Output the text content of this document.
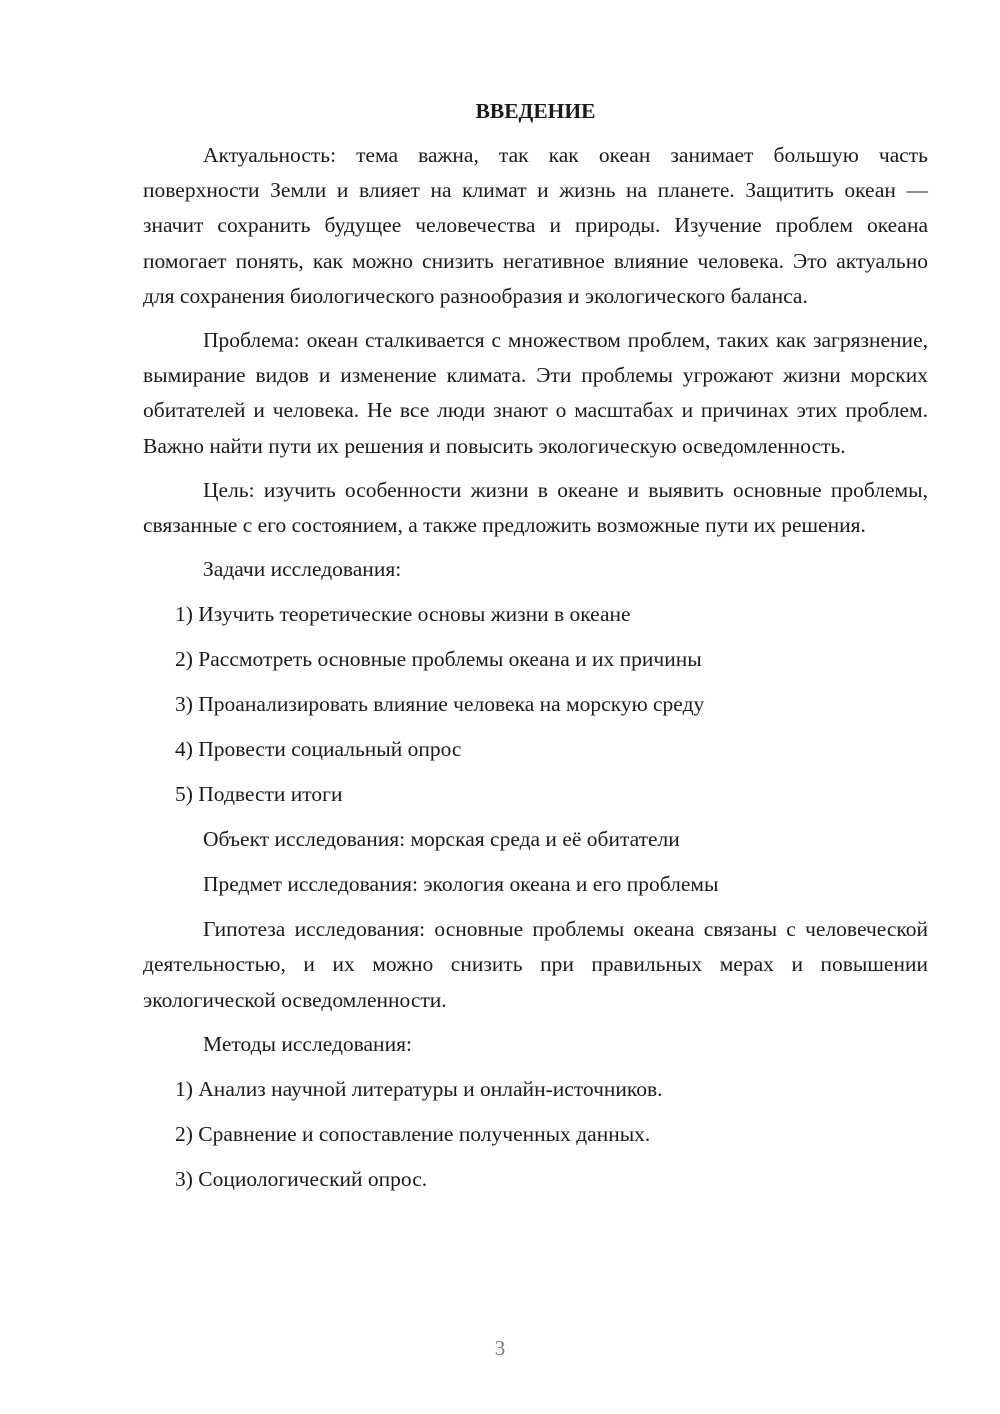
ВВЕДЕНИЕ
Актуальность: тема важна, так как океан занимает большую часть поверхности Земли и влияет на климат и жизнь на планете. Защитить океан — значит сохранить будущее человечества и природы. Изучение проблем океана помогает понять, как можно снизить негативное влияние человека. Это актуально для сохранения биологического разнообразия и экологического баланса.
Проблема: океан сталкивается с множеством проблем, таких как загрязнение, вымирание видов и изменение климата. Эти проблемы угрожают жизни морских обитателей и человека. Не все люди знают о масштабах и причинах этих проблем. Важно найти пути их решения и повысить экологическую осведомленность.
Цель: изучить особенности жизни в океане и выявить основные проблемы, связанные с его состоянием, а также предложить возможные пути их решения.
Задачи исследования:
1) Изучить теоретические основы жизни в океане
2) Рассмотреть основные проблемы океана и их причины
3) Проанализировать влияние человека на морскую среду
4) Провести социальный опрос
5) Подвести итоги
Объект исследования: морская среда и её обитатели
Предмет исследования: экология океана и его проблемы
Гипотеза исследования: основные проблемы океана связаны с человеческой деятельностью, и их можно снизить при правильных мерах и повышении экологической осведомленности.
Методы исследования:
1) Анализ научной литературы и онлайн-источников.
2) Сравнение и сопоставление полученных данных.
3) Социологический опрос.
3
